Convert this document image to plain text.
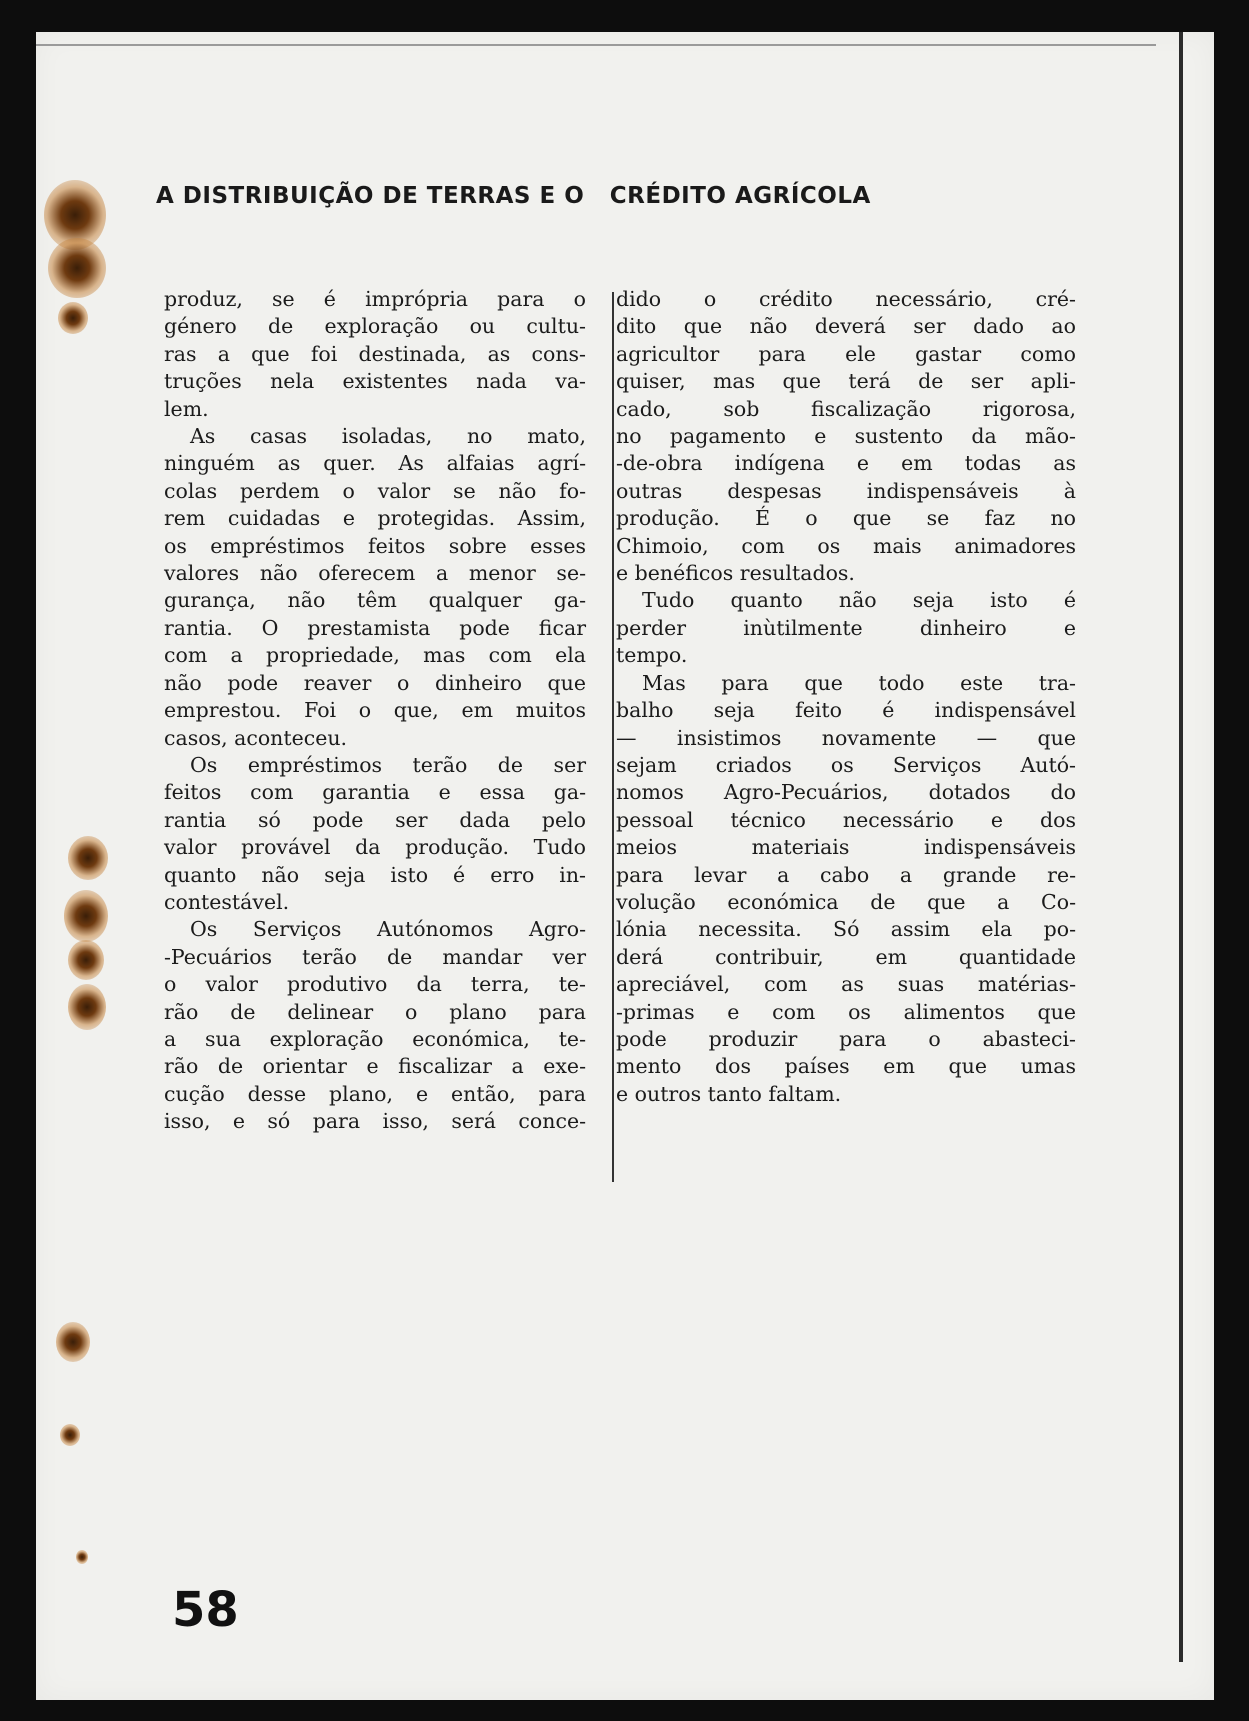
A DISTRIBUIÇÃO DE TERRAS E O   CRÉDITO AGRÍCOLA
produz, se é imprópria para o
género de exploração ou cultu-
ras a que foi destinada, as cons-
truções nela existentes nada va-
lem.
As casas isoladas, no mato,
ninguém as quer. As alfaias agrí-
colas perdem o valor se não fo-
rem cuidadas e protegidas. Assim,
os empréstimos feitos sobre esses
valores não oferecem a menor se-
gurança, não têm qualquer ga-
rantia. O prestamista pode ficar
com a propriedade, mas com ela
não pode reaver o dinheiro que
emprestou. Foi o que, em muitos
casos, aconteceu.
Os empréstimos terão de ser
feitos com garantia e essa ga-
rantia só pode ser dada pelo
valor provável da produção. Tudo
quanto não seja isto é erro in-
contestável.
Os Serviços Autónomos Agro-
-Pecuários terão de mandar ver
o valor produtivo da terra, te-
rão de delinear o plano para
a sua exploração económica, te-
rão de orientar e fiscalizar a exe-
cução desse plano, e então, para
isso, e só para isso, será conce-
dido o crédito necessário, cré-
dito que não deverá ser dado ao
agricultor para ele gastar como
quiser, mas que terá de ser apli-
cado, sob fiscalização rigorosa,
no pagamento e sustento da mão-
-de-obra indígena e em todas as
outras despesas indispensáveis à
produção. É o que se faz no
Chimoio, com os mais animadores
e benéficos resultados.
Tudo quanto não seja isto é
perder inùtilmente dinheiro e
tempo.
Mas para que todo este tra-
balho seja feito é indispensável
— insistimos novamente — que
sejam criados os Serviços Autó-
nomos Agro-Pecuários, dotados do
pessoal técnico necessário e dos
meios materiais indispensáveis
para levar a cabo a grande re-
volução económica de que a Co-
lónia necessita. Só assim ela po-
derá contribuir, em quantidade
apreciável, com as suas matérias-
-primas e com os alimentos que
pode produzir para o abasteci-
mento dos países em que umas
e outros tanto faltam.
58
